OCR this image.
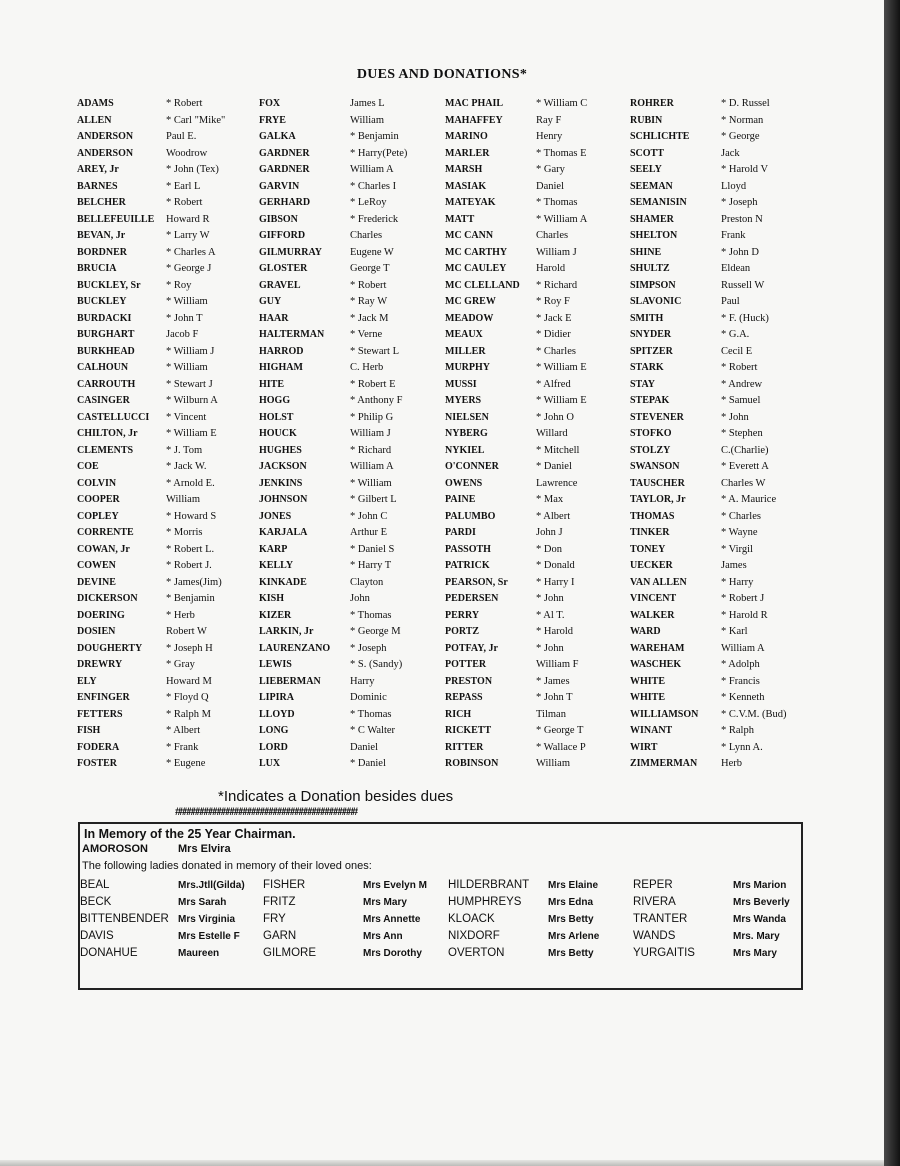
DUES AND DONATIONS*
ADAMS
ALLEN
ANDERSON
ANDERSON
AREY, Jr
BARNES
BELCHER
BELLEFEUILLE
BEVAN, Jr
BORDNER
BRUCIA
BUCKLEY, Sr
BUCKLEY
BURDACKI
BURGHART
BURKHEAD
CALHOUN
CARROUTH
CASINGER
CASTELLUCCI
CHILTON, Jr
CLEMENTS
COE
COLVIN
COOPER
COPLEY
CORRENTE
COWAN, Jr
COWEN
DEVINE
DICKERSON
DOERING
DOSIEN
DOUGHERTY
DREWRY
ELY
ENFINGER
FETTERS
FISH
FODERA
FOSTER
* Robert
* Carl "Mike"
Paul E.
Woodrow
* John (Tex)
* Earl L
* Robert
Howard R
* Larry W
* Charles A
* George J
* Roy
* William
* John T
Jacob F
* William J
* William
* Stewart J
* Wilburn A
* Vincent
* William E
* J. Tom
* Jack W.
* Arnold E.
William
* Howard S
* Morris
* Robert L.
* Robert J.
* James(Jim)
* Benjamin
* Herb
Robert W
* Joseph H
* Gray
Howard M
* Floyd Q
* Ralph M
* Albert
* Frank
* Eugene
FOX
FRYE
GALKA
GARDNER
GARDNER
GARVIN
GERHARD
GIBSON
GIFFORD
GILMURRAY
GLOSTER
GRAVEL
GUY
HAAR
HALTERMAN
HARROD
HIGHAM
HITE
HOGG
HOLST
HOUCK
HUGHES
JACKSON
JENKINS
JOHNSON
JONES
KARJALA
KARP
KELLY
KINKADE
KISH
KIZER
LARKIN, Jr
LAURENZANO
LEWIS
LIEBERMAN
LIPIRA
LLOYD
LONG
LORD
LUX
James L
William
* Benjamin
* Harry(Pete)
William A
* Charles I
* LeRoy
* Frederick
Charles
Eugene W
George T
* Robert
* Ray W
* Jack M
* Verne
* Stewart L
C. Herb
* Robert E
* Anthony F
* Philip G
William J
* Richard
William A
* William
* Gilbert L
* John C
Arthur E
* Daniel S
* Harry T
Clayton
John
* Thomas
* George M
* Joseph
* S. (Sandy)
Harry
Dominic
* Thomas
* C Walter
Daniel
* Daniel
MAC PHAIL
MAHAFFEY
MARINO
MARLER
MARSH
MASIAK
MATEYAK
MATT
MC CANN
MC CARTHY
MC CAULEY
MC CLELLAND
MC GREW
MEADOW
MEAUX
MILLER
MURPHY
MUSSI
MYERS
NIELSEN
NYBERG
NYKIEL
O'CONNER
OWENS
PAINE
PALUMBO
PARDI
PASSOTH
PATRICK
PEARSON, Sr
PEDERSEN
PERRY
PORTZ
POTFAY, Jr
POTTER
PRESTON
REPASS
RICH
RICKETT
RITTER
ROBINSON
* William C
Ray F
Henry
* Thomas E
* Gary
Daniel
* Thomas
* William A
Charles
William J
Harold
* Richard
* Roy F
* Jack E
* Didier
* Charles
* William E
* Alfred
* William E
* John O
Willard
* Mitchell
* Daniel
Lawrence
* Max
* Albert
John J
* Don
* Donald
* Harry I
* John
* Al T.
* Harold
* John
William F
* James
* John T
Tilman
* George T
* Wallace P
William
ROHRER
RUBIN
SCHLICHTE
SCOTT
SEELY
SEEMAN
SEMANISIN
SHAMER
SHELTON
SHINE
SHULTZ
SIMPSON
SLAVONIC
SMITH
SNYDER
SPITZER
STARK
STAY
STEPAK
STEVENER
STOFKO
STOLZY
SWANSON
TAUSCHER
TAYLOR, Jr
THOMAS
TINKER
TONEY
UECKER
VAN ALLEN
VINCENT
WALKER
WARD
WAREHAM
WASCHEK
WHITE
WHITE
WILLIAMSON
WINANT
WIRT
ZIMMERMAN
* D. Russel
* Norman
* George
Jack
* Harold V
Lloyd
* Joseph
Preston N
Frank
* John D
Eldean
Russell W
Paul
* F. (Huck)
* G.A.
Cecil E
* Robert
* Andrew
* Samuel
* John
* Stephen
C.(Charlie)
* Everett A
Charles W
* A. Maurice
* Charles
* Wayne
* Virgil
James
* Harry
* Robert J
* Harold R
* Karl
William A
* Adolph
* Francis
* Kenneth
* C.V.M. (Bud)
* Ralph
* Lynn A.
Herb
*Indicates a Donation besides dues
##########################################
In Memory of the 25 Year Chairman.
AMOROSON	Mrs Elvira
The following ladies donated in memory of their loved ones:
BEAL
BECK
BITTENBENDER
DAVIS
DONAHUE
Mrs.Jtll(Gilda)
Mrs Sarah
Mrs Virginia
Mrs Estelle F
Maureen
FISHER
FRITZ
FRY
GARN
GILMORE
Mrs Evelyn M
Mrs Mary
Mrs Annette
Mrs Ann
Mrs Dorothy
HILDERBRANT
HUMPHREYS
KLOACK
NIXDORF
OVERTON
Mrs Elaine
Mrs Edna
Mrs Betty
Mrs Arlene
Mrs Betty
REPER
RIVERA
TRANTER
WANDS
YURGAITIS
Mrs Marion
Mrs Beverly
Mrs Wanda
Mrs. Mary
Mrs Mary
